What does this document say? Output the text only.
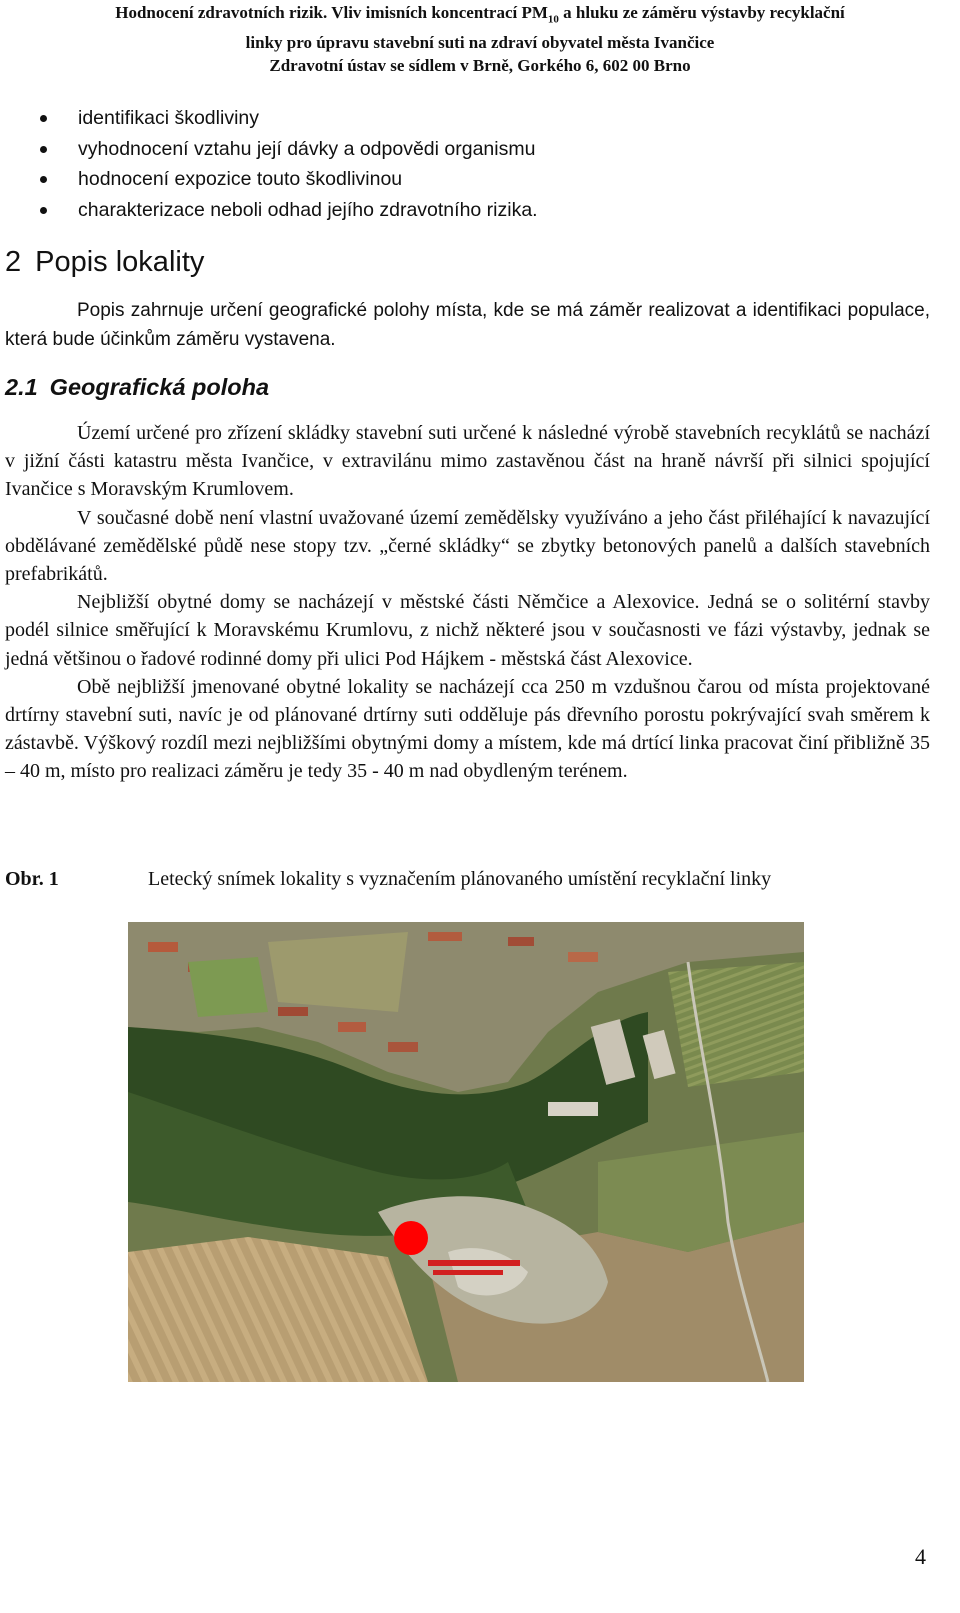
Hodnocení zdravotních rizik. Vliv imisních koncentrací $PM_{10}$ a hluku ze záměru výstavby recyklační
linky pro úpravu stavební suti na zdraví obyvatel města Ivančice
Zdravotní ústav se sídlem v Brně, Gorkého 6, 602 00 Brno
identifikaci škodliviny
vyhodnocení vztahu její dávky a odpovědi organismu
hodnocení expozice touto škodlivinou
charakterizace neboli odhad jejího zdravotního rizika.
2 Popis lokality
Popis zahrnuje určení geografické polohy místa, kde se má záměr realizovat a identifikaci populace, která bude účinkům záměru vystavena.
2.1 Geografická poloha

Území určené pro zřízení skládky stavební suti určené k následné výrobě stavebních recyklátů se nachází v jižní části katastru města Ivančice, v extravilánu mimo zastavěnou část na hraně návrší při silnici spojující Ivančice s Moravským Krumlovem.

V současné době není vlastní uvažované území zemědělsky využíváno a jeho část přiléhající k navazující obdělávané zemědělské půdě nese stopy tzv. „černé skládky“ se zbytky betonových panelů a dalších stavebních prefabrikátů.

Nejbližší obytné domy se nacházejí v městské části Němčice a Alexovice. Jedná se o solitérní stavby podél silnice směřující k Moravskému Krumlovu, z nichž některé jsou v současnosti ve fázi výstavby, jednak se jedná většinou o řadové rodinné domy při ulici Pod Hájkem - městská část Alexovice.

Obě nejbližší jmenované obytné lokality se nacházejí cca 250 m vzdušnou čarou od místa projektované drtírny stavební suti, navíc je od plánované drtírny suti odděluje pás dřevního porostu pokrývající svah směrem k zástavbě. Výškový rozdíl mezi nejbližšími obytnými domy a místem, kde má drtící linka pracovat činí přibližně 35 – 40 m, místo pro realizaci záměru je tedy 35 - 40 m nad obydleným terénem.

Obr. 1	Letecký snímek lokality s vyznačením plánovaného umístění recyklační linky
4
